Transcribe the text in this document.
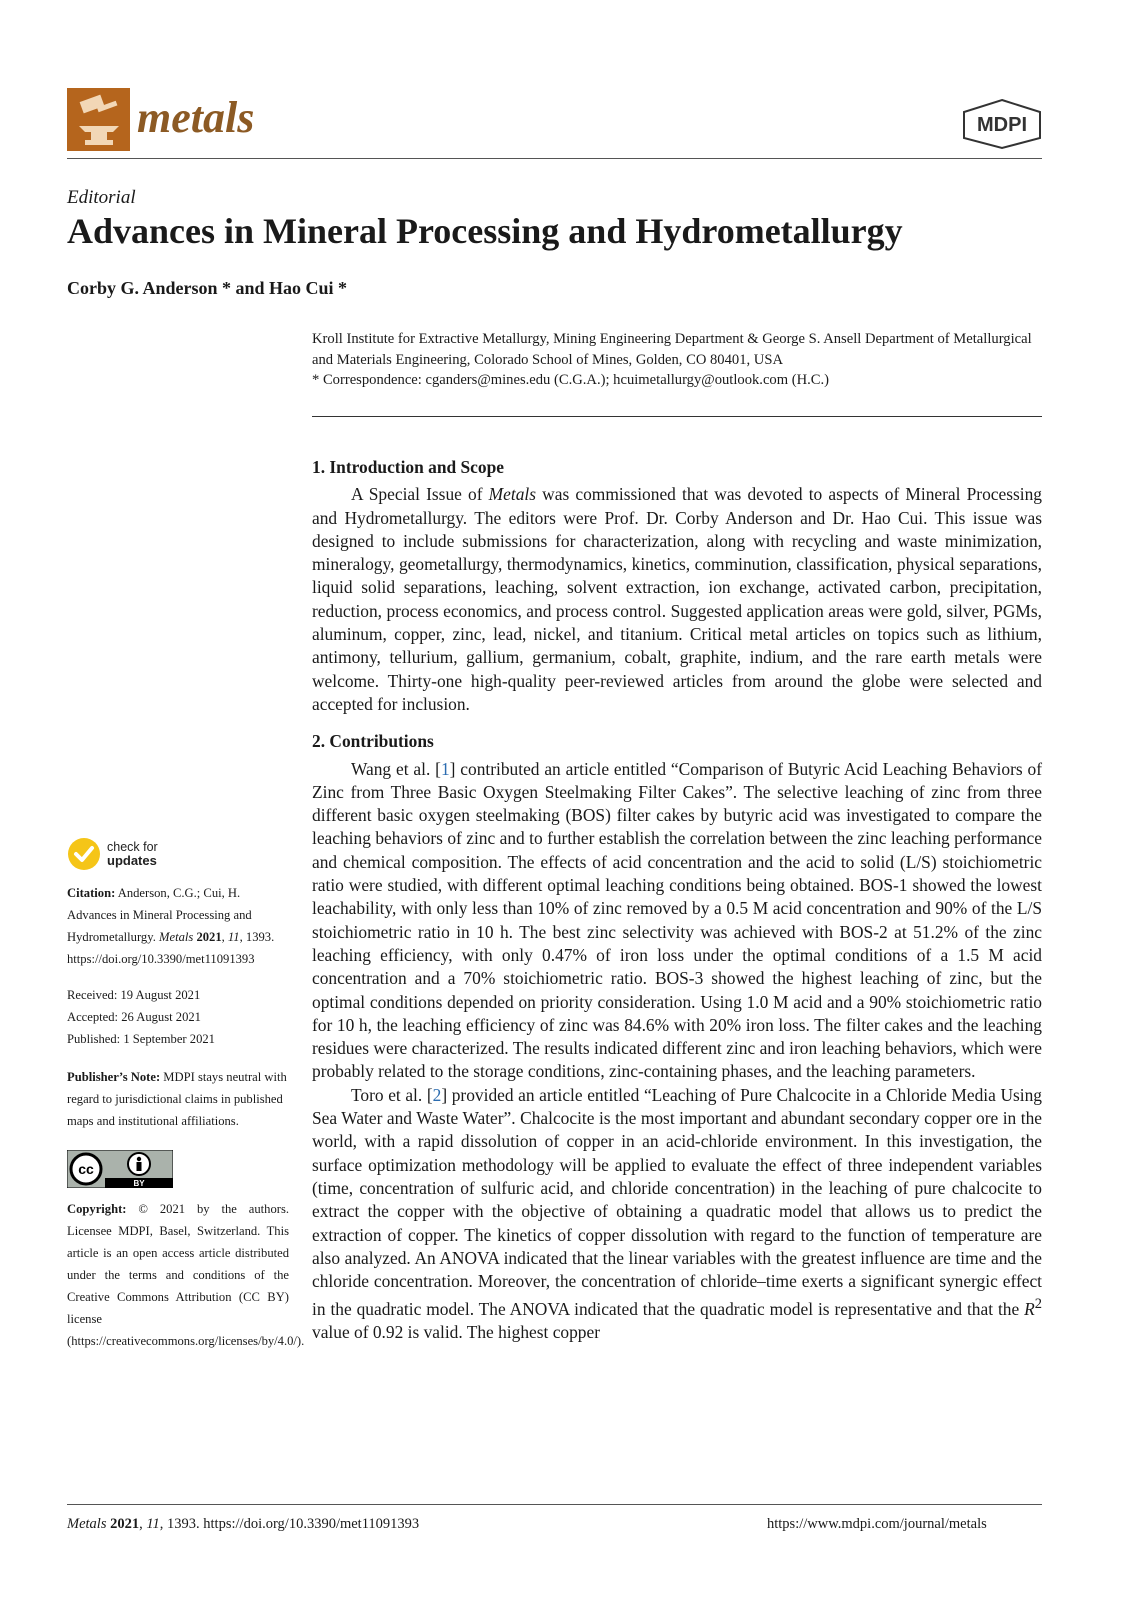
metals	MDPI
Editorial
Advances in Mineral Processing and Hydrometallurgy
Corby G. Anderson * and Hao Cui *

Kroll Institute for Extractive Metallurgy, Mining Engineering Department & George S. Ansell Department of Metallurgical and Materials Engineering, Colorado School of Mines, Golden, CO 80401, USA

* Correspondence: cganders@mines.edu (C.G.A.); hcuimetallurgy@outlook.com (H.C.)

1. Introduction and Scope

A Special Issue of Metals was commissioned that was devoted to aspects of Mineral Processing and Hydrometallurgy. The editors were Prof. Dr. Corby Anderson and Dr. Hao Cui. This issue was designed to include submissions for characterization, along with recycling and waste minimization, mineralogy, geometallurgy, thermodynamics, kinetics, comminution, classification, physical separations, liquid solid separations, leaching, solvent extraction, ion exchange, activated carbon, precipitation, reduction, process economics, and process control. Suggested application areas were gold, silver, PGMs, aluminum, copper, zinc, lead, nickel, and titanium. Critical metal articles on topics such as lithium, antimony, tellurium, gallium, germanium, cobalt, graphite, indium, and the rare earth metals were welcome. Thirty-one high-quality peer-reviewed articles from around the globe were selected and accepted for inclusion.

2. Contributions

Wang et al. [1] contributed an article entitled “Comparison of Butyric Acid Leaching Behaviors of Zinc from Three Basic Oxygen Steelmaking Filter Cakes”. The selective leaching of zinc from three different basic oxygen steelmaking (BOS) filter cakes by butyric acid was investigated to compare the leaching behaviors of zinc and to further establish the correlation between the zinc leaching performance and chemical composition. The effects of acid concentration and the acid to solid (L/S) stoichiometric ratio were studied, with different optimal leaching conditions being obtained. BOS-1 showed the lowest leachability, with only less than 10% of zinc removed by a 0.5 M acid concentration and 90% of the L/S stoichiometric ratio in 10 h. The best zinc selectivity was achieved with BOS-2 at 51.2% of the zinc leaching efficiency, with only 0.47% of iron loss under the optimal conditions of a 1.5 M acid concentration and a 70% stoichiometric ratio. BOS-3 showed the highest leaching of zinc, but the optimal conditions depended on priority consideration. Using 1.0 M acid and a 90% stoichiometric ratio for 10 h, the leaching efficiency of zinc was 84.6% with 20% iron loss. The filter cakes and the leaching residues were characterized. The results indicated different zinc and iron leaching behaviors, which were probably related to the storage conditions, zinc-containing phases, and the leaching parameters.

Toro et al. [2] provided an article entitled “Leaching of Pure Chalcocite in a Chloride Media Using Sea Water and Waste Water”. Chalcocite is the most important and abundant secondary copper ore in the world, with a rapid dissolution of copper in an acid-chloride environment. In this investigation, the surface optimization methodology will be applied to evaluate the effect of three independent variables (time, concentration of sulfuric acid, and chloride concentration) in the leaching of pure chalcocite to extract the copper with the objective of obtaining a quadratic model that allows us to predict the extraction of copper. The kinetics of copper dissolution with regard to the function of temperature are also analyzed. An ANOVA indicated that the linear variables with the greatest influence are time and the chloride concentration. Moreover, the concentration of chloride–time exerts a significant synergic effect in the quadratic model. The ANOVA indicated that the quadratic model is representative and that the $R^2$ value of 0.92 is valid. The highest copper

check for
updates

Citation: Anderson, C.G.; Cui, H. Advances in Mineral Processing and Hydrometallurgy. Metals 2021, 11, 1393. https://doi.org/10.3390/met11091393

Received: 19 August 2021
Accepted: 26 August 2021
Published: 1 September 2021

Publisher’s Note: MDPI stays neutral with regard to jurisdictional claims in published maps and institutional affiliations.

BY
cc

Copyright: © 2021 by the authors. Licensee MDPI, Basel, Switzerland. This article is an open access article distributed under the terms and conditions of the Creative Commons Attribution (CC BY) license (https://creativecommons.org/licenses/by/4.0/).

Metals 2021, 11, 1393. https://doi.org/10.3390/met11091393	https://www.mdpi.com/journal/metals
